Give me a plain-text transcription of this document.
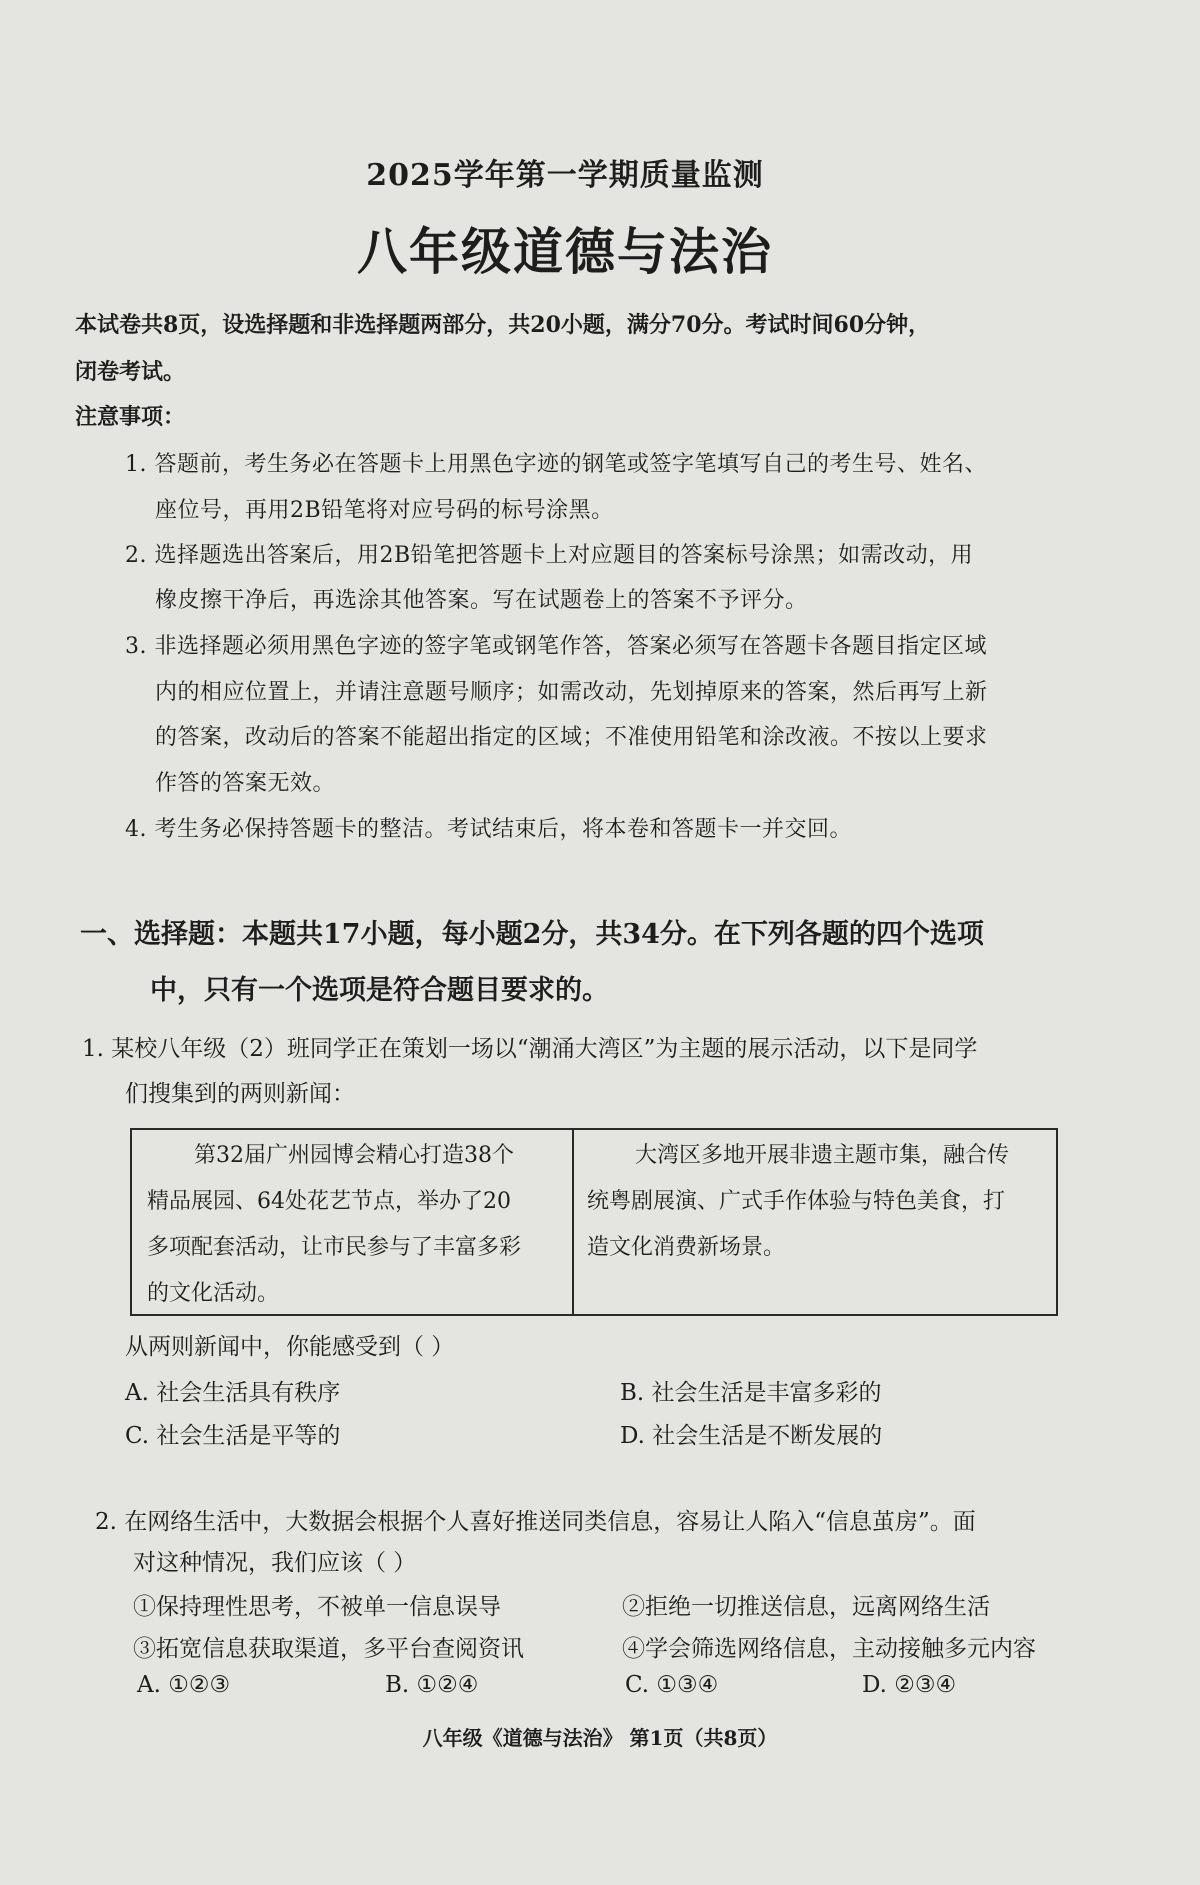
2025学年第一学期质量监测
八年级道德与法治
本试卷共8页，设选择题和非选择题两部分，共20小题，满分70分。考试时间60分钟，
闭卷考试。
注意事项：
1. 答题前，考生务必在答题卡上用黑色字迹的钢笔或签字笔填写自己的考生号、姓名、
座位号，再用2B铅笔将对应号码的标号涂黑。
2. 选择题选出答案后，用2B铅笔把答题卡上对应题目的答案标号涂黑；如需改动，用
橡皮擦干净后，再选涂其他答案。写在试题卷上的答案不予评分。
3. 非选择题必须用黑色字迹的签字笔或钢笔作答，答案必须写在答题卡各题目指定区域
内的相应位置上，并请注意题号顺序；如需改动，先划掉原来的答案，然后再写上新
的答案，改动后的答案不能超出指定的区域；不准使用铅笔和涂改液。不按以上要求
作答的答案无效。
4. 考生务必保持答题卡的整洁。考试结束后，将本卷和答题卡一并交回。
一、选择题：本题共17小题，每小题2分，共34分。在下列各题的四个选项
中，只有一个选项是符合题目要求的。
1. 某校八年级（2）班同学正在策划一场以“潮涌大湾区”为主题的展示活动，以下是同学
们搜集到的两则新闻：
第32届广州园博会精心打造38个
精品展园、64处花艺节点，举办了20
多项配套活动，让市民参与了丰富多彩
的文化活动。
大湾区多地开展非遗主题市集，融合传
统粤剧展演、广式手作体验与特色美食，打
造文化消费新场景。
从两则新闻中，你能感受到（ ）
A. 社会生活具有秩序	B. 社会生活是丰富多彩的
C. 社会生活是平等的	D. 社会生活是不断发展的
2. 在网络生活中，大数据会根据个人喜好推送同类信息，容易让人陷入“信息茧房”。面
对这种情况，我们应该（ ）
①保持理性思考，不被单一信息误导	②拒绝一切推送信息，远离网络生活
③拓宽信息获取渠道，多平台查阅资讯	④学会筛选网络信息，主动接触多元内容
A. ①②③	B. ①②④	C. ①③④	D. ②③④
八年级《道德与法治》 第1页（共8页）
